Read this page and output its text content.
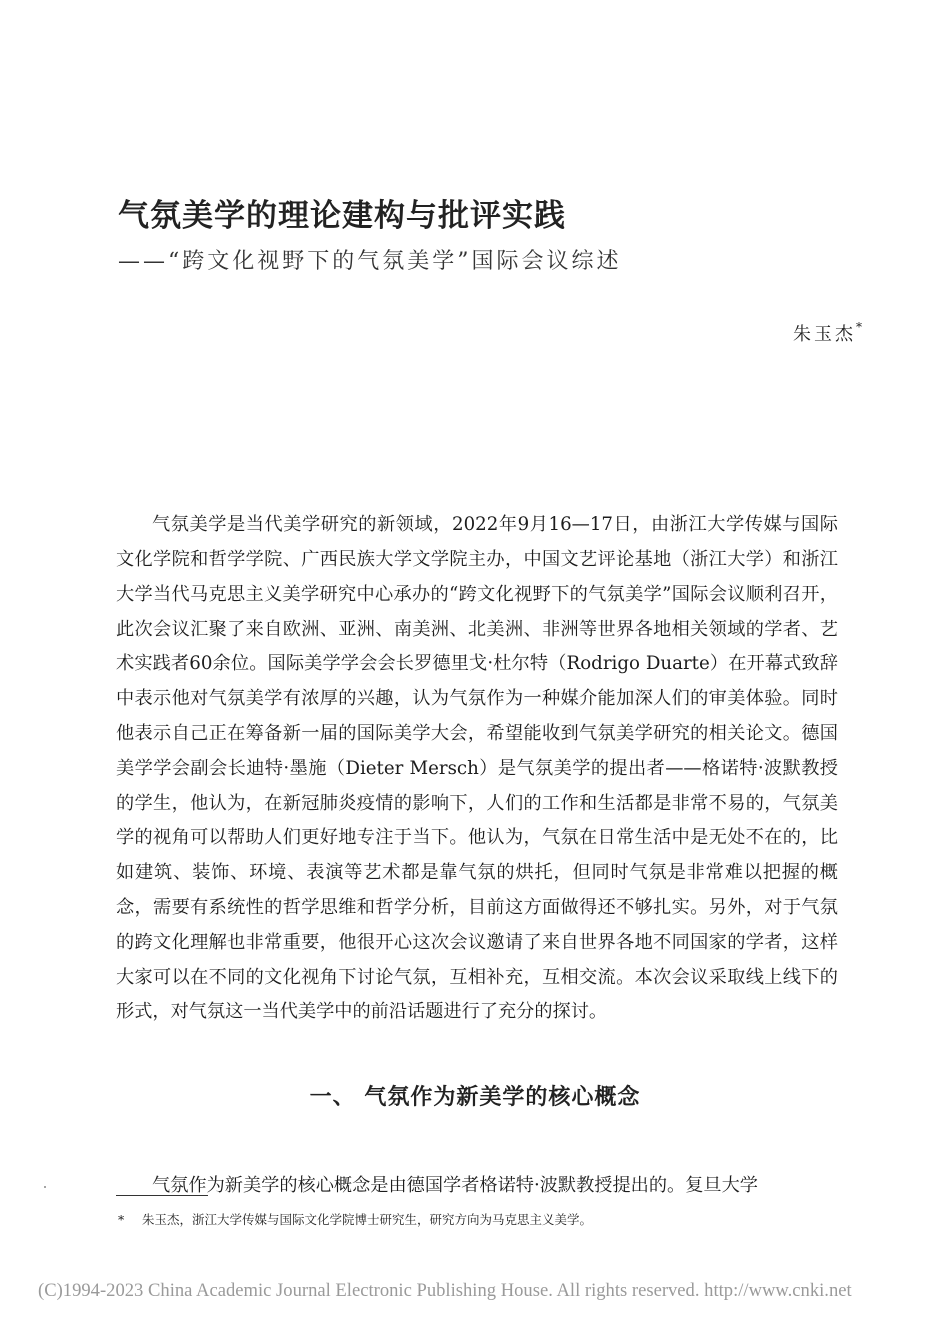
气氛美学的理论建构与批评实践
——“跨文化视野下的气氛美学”国际会议综述
朱玉杰*

气氛美学是当代美学研究的新领域，2022年9月16—17日，由浙江大学传媒与国际文化学院和哲学学院、广西民族大学文学院主办，中国文艺评论基地（浙江大学）和浙江大学当代马克思主义美学研究中心承办的“跨文化视野下的气氛美学”国际会议顺利召开，此次会议汇聚了来自欧洲、亚洲、南美洲、北美洲、非洲等世界各地相关领域的学者、艺术实践者60余位。国际美学学会会长罗德里戈·杜尔特（Rodrigo Duarte）在开幕式致辞中表示他对气氛美学有浓厚的兴趣，认为气氛作为一种媒介能加深人们的审美体验。同时他表示自己正在筹备新一届的国际美学大会，希望能收到气氛美学研究的相关论文。德国美学学会副会长迪特·墨施（Dieter Mersch）是气氛美学的提出者——格诺特·波默教授的学生，他认为，在新冠肺炎疫情的影响下，人们的工作和生活都是非常不易的，气氛美学的视角可以帮助人们更好地专注于当下。他认为，气氛在日常生活中是无处不在的，比如建筑、装饰、环境、表演等艺术都是靠气氛的烘托，但同时气氛是非常难以把握的概念，需要有系统性的哲学思维和哲学分析，目前这方面做得还不够扎实。另外，对于气氛的跨文化理解也非常重要，他很开心这次会议邀请了来自世界各地不同国家的学者，这样大家可以在不同的文化视角下讨论气氛，互相补充，互相交流。本次会议采取线上线下的形式，对气氛这一当代美学中的前沿话题进行了充分的探讨。

一、 气氛作为新美学的核心概念

气氛作为新美学的核心概念是由德国学者格诺特·波默教授提出的。复旦大学

* 朱玉杰，浙江大学传媒与国际文化学院博士研究生，研究方向为马克思主义美学。
(C)1994-2023 China Academic Journal Electronic Publishing House. All rights reserved. http://www.cnki.net
